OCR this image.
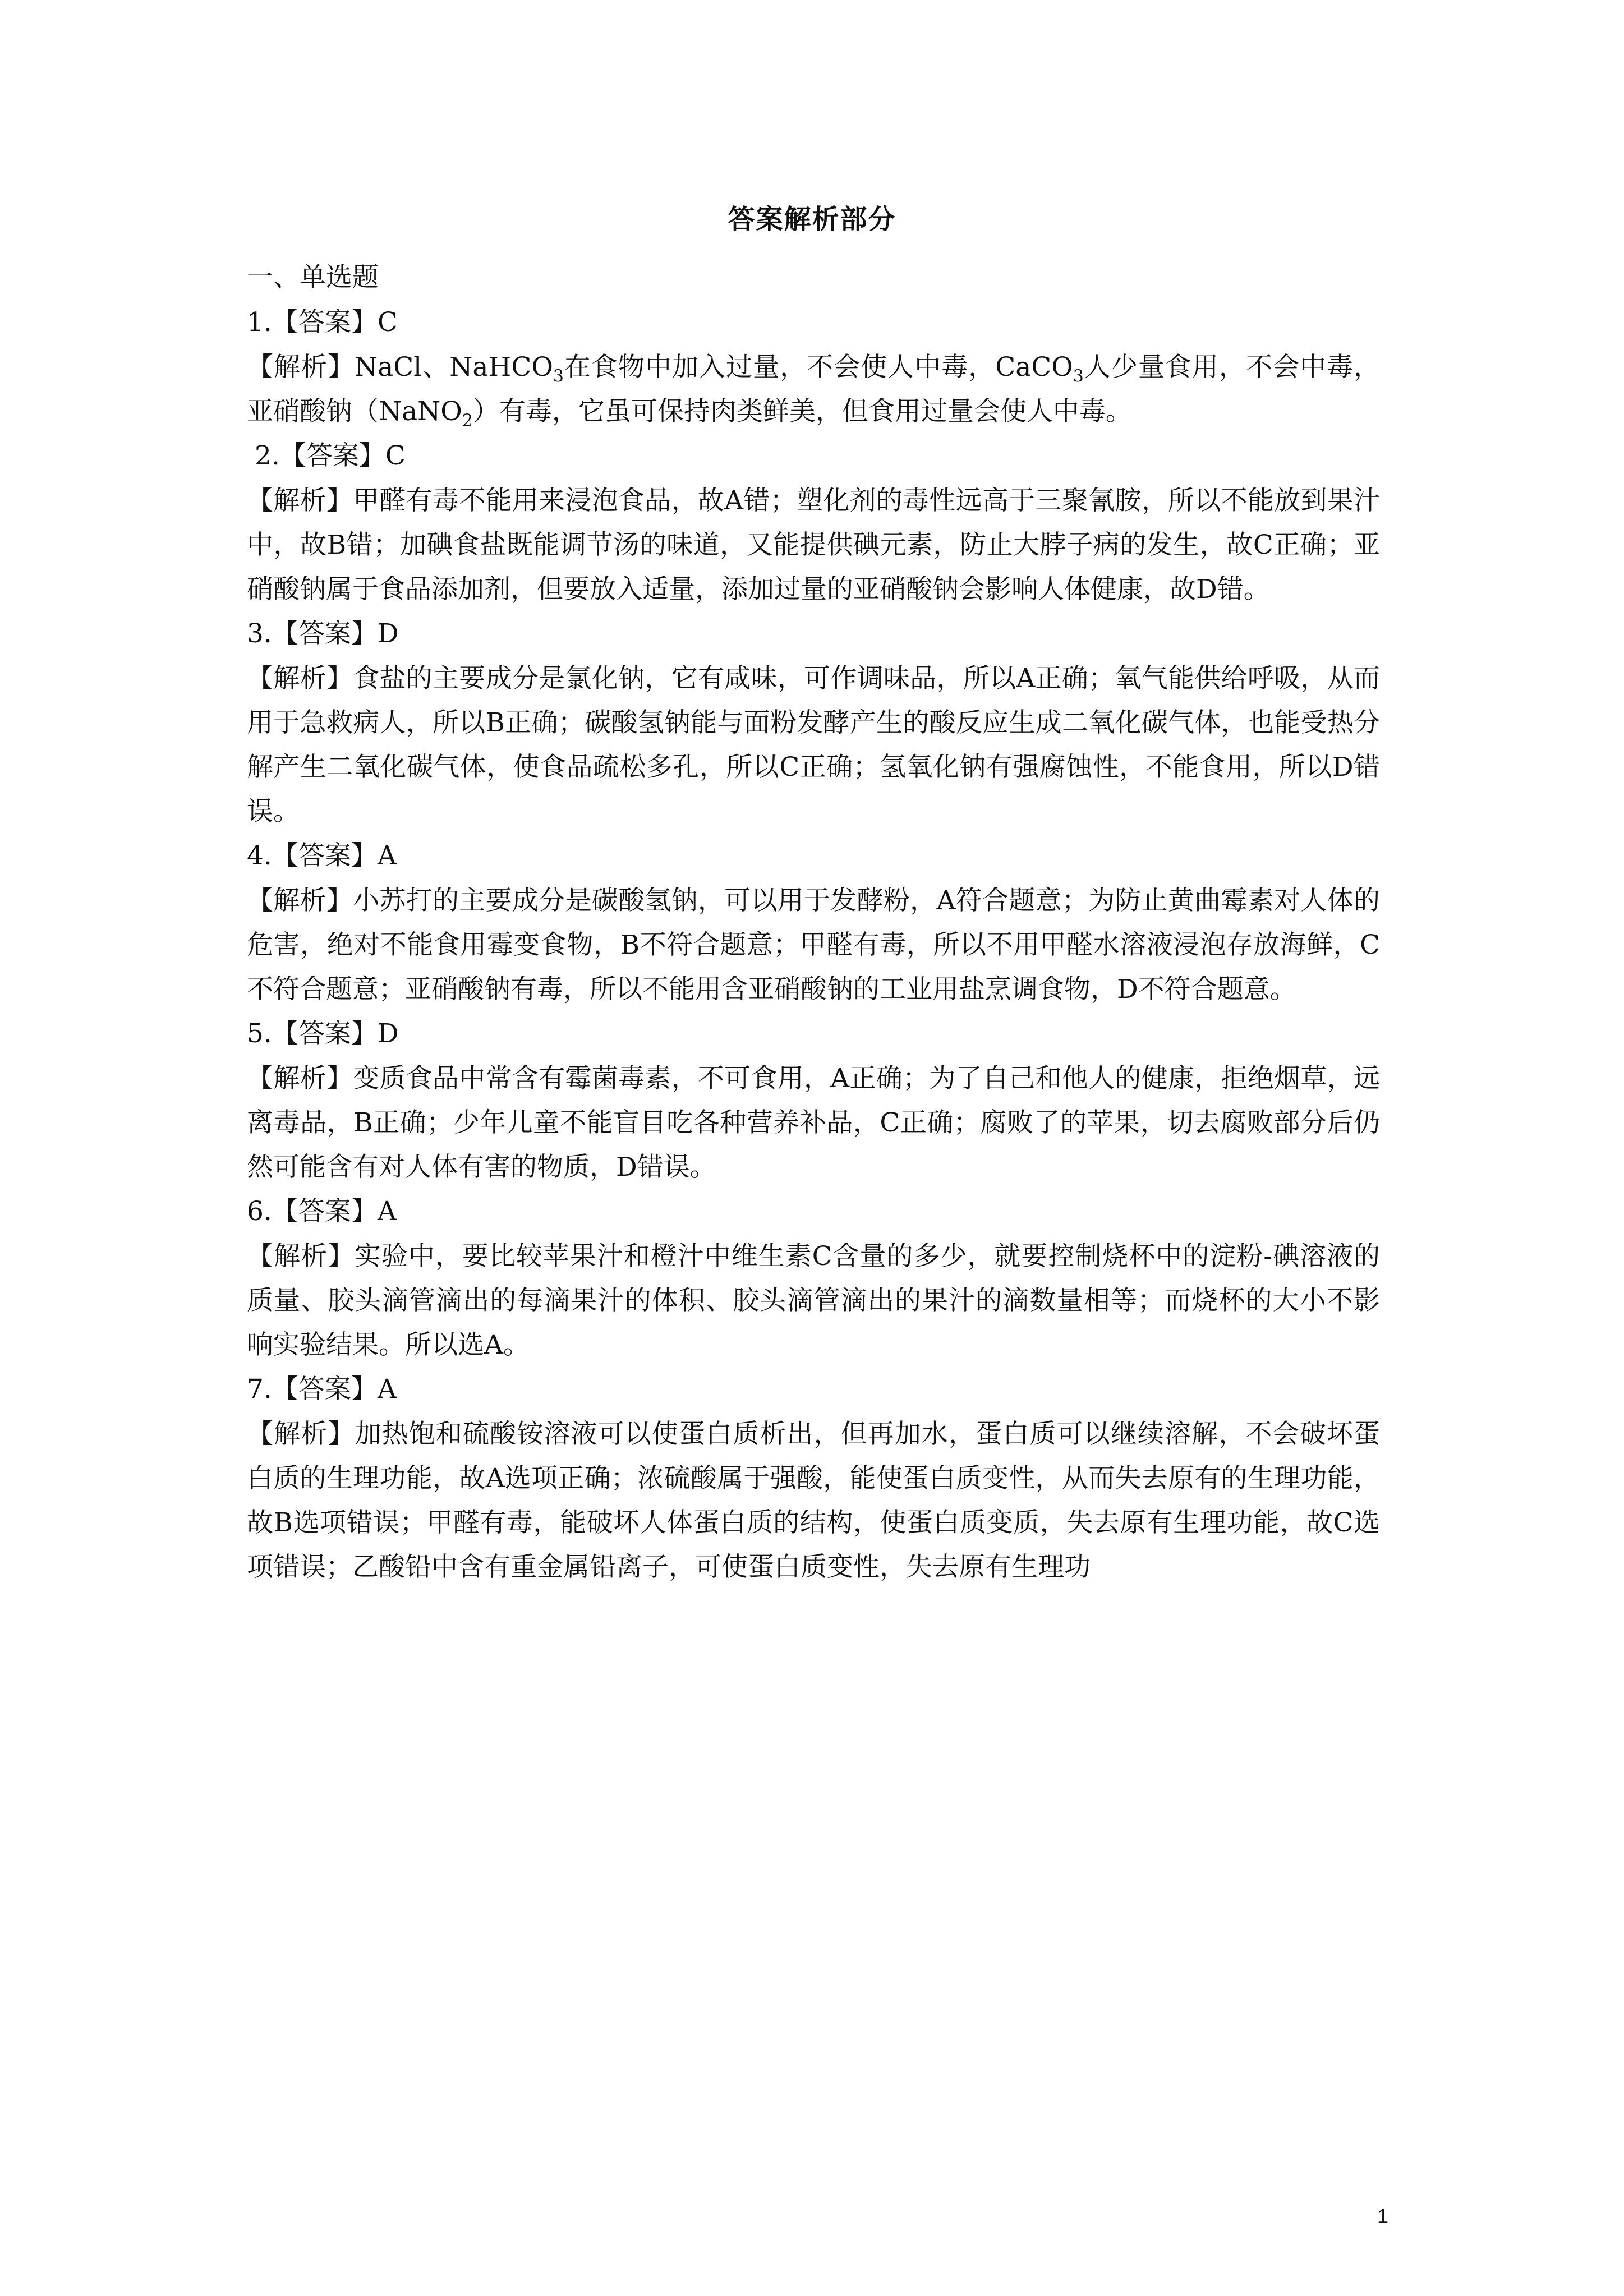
答案解析部分
一、单选题
1.【答案】C

【解析】NaCl、NaHCO$_3$在食物中加入过量，不会使人中毒，CaCO$_3$人少量食用，不会中毒，亚硝酸钠（NaNO$_2$）有毒，它虽可保持肉类鲜美，但食用过量会使人中毒。

2.【答案】C

【解析】甲醛有毒不能用来浸泡食品，故A错；塑化剂的毒性远高于三聚氰胺，所以不能放到果汁中，故B错；加碘食盐既能调节汤的味道，又能提供碘元素，防止大脖子病的发生，故C正确；亚硝酸钠属于食品添加剂，但要放入适量，添加过量的亚硝酸钠会影响人体健康，故D错。

3.【答案】D

【解析】食盐的主要成分是氯化钠，它有咸味，可作调味品，所以A正确；氧气能供给呼吸，从而用于急救病人，所以B正确；碳酸氢钠能与面粉发酵产生的酸反应生成二氧化碳气体，也能受热分解产生二氧化碳气体，使食品疏松多孔，所以C正确；氢氧化钠有强腐蚀性，不能食用，所以D错误。

4.【答案】A

【解析】小苏打的主要成分是碳酸氢钠，可以用于发酵粉，A符合题意；为防止黄曲霉素对人体的危害，绝对不能食用霉变食物，B不符合题意；甲醛有毒，所以不用甲醛水溶液浸泡存放海鲜，C不符合题意；亚硝酸钠有毒，所以不能用含亚硝酸钠的工业用盐烹调食物，D不符合题意。

5.【答案】D

【解析】变质食品中常含有霉菌毒素，不可食用，A正确；为了自己和他人的健康，拒绝烟草，远离毒品，B正确；少年儿童不能盲目吃各种营养补品，C正确；腐败了的苹果，切去腐败部分后仍然可能含有对人体有害的物质，D错误。

6.【答案】A

【解析】实验中，要比较苹果汁和橙汁中维生素C含量的多少，就要控制烧杯中的淀粉-碘溶液的质量、胶头滴管滴出的每滴果汁的体积、胶头滴管滴出的果汁的滴数量相等；而烧杯的大小不影响实验结果。所以选A。

7.【答案】A

【解析】加热饱和硫酸铵溶液可以使蛋白质析出，但再加水，蛋白质可以继续溶解，不会破坏蛋白质的生理功能，故A选项正确；浓硫酸属于强酸，能使蛋白质变性，从而失去原有的生理功能，故B选项错误；甲醛有毒，能破坏人体蛋白质的结构，使蛋白质变质，失去原有生理功能，故C选项错误；乙酸铅中含有重金属铅离子，可使蛋白质变性，失去原有生理功

1
